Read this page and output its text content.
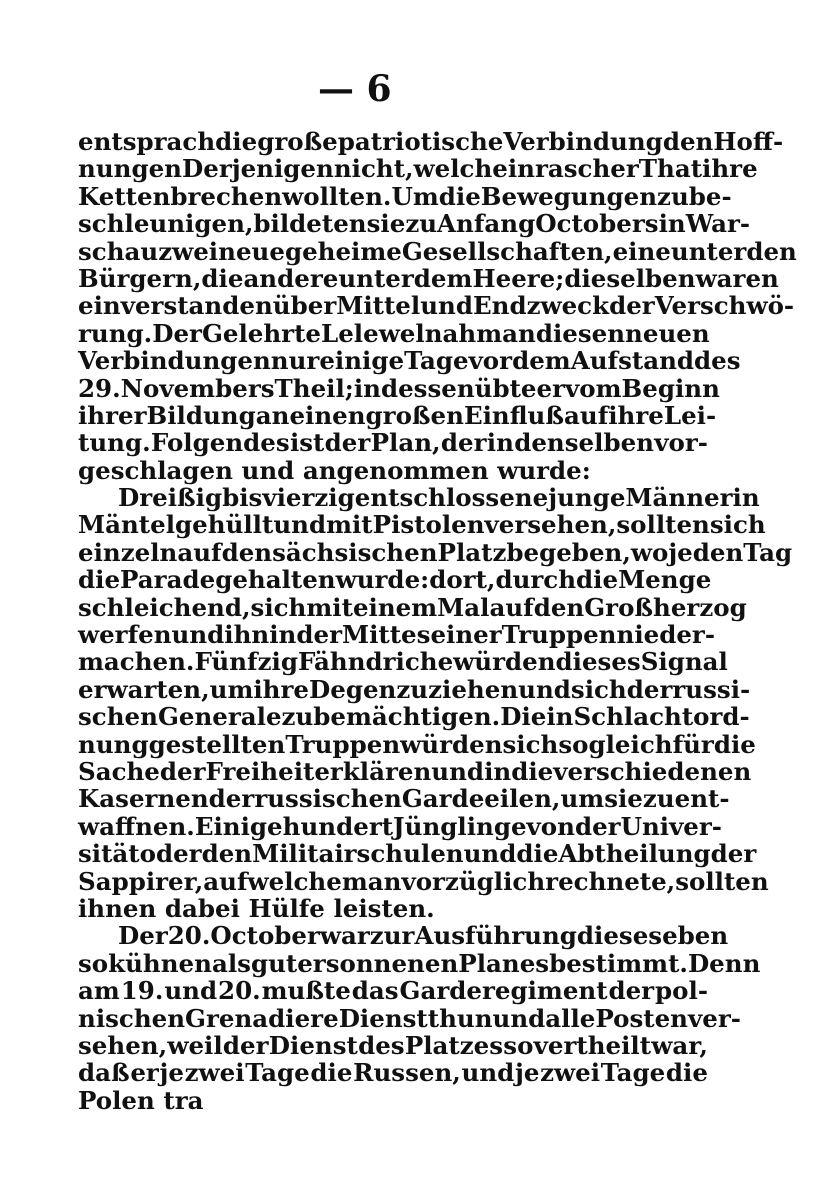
— 6
entsprach die große patriotische Verbindung den Hoff-
nungen Derjenigen nicht, welche in rascher That ihre
Ketten brechen wollten. Um die Bewegungen zu be-
schleunigen, bildeten sie zu Anfang Octobers in War-
schau zwei neue geheime Gesellschaften, eine unter den
Bürgern, die andere unter dem Heere; dieselben waren
einverstanden über Mittel und Endzweck der Verschwö-
rung. Der Gelehrte Lelewel nahm an diesen neuen
Verbindungen nur einige Tage vor dem Aufstand des
29. Novembers Theil; indessen übte er vom Beginn
ihrer Bildung an einen großen Einfluß auf ihre Lei-
tung. Folgendes ist der Plan, der in denselben vor-
geschlagen und angenommen wurde:
Dreißig bis vierzig entschlossene junge Männer in
Mäntel gehüllt und mit Pistolen versehen, sollten sich
einzeln auf den sächsischen Platz begeben, wo jeden Tag
die Parade gehalten wurde: dort, durch die Menge
schleichend, sich mit einem Mal auf den Großherzog
werfen und ihn in der Mitte seiner Truppen nieder-
machen. Fünfzig Fähndriche würden dieses Signal
erwarten, um ihre Degen zu ziehen und sich der russi-
schen Generale zu bemächtigen. Die in Schlachtord-
nung gestellten Truppen würden sich sogleich für die
Sache der Freiheit erklären und in die verschiedenen
Kasernen der russischen Garde eilen, um sie zu ent-
waffnen. Einige hundert Jünglinge von der Univer-
sität oder den Militairschulen und die Abtheilung der
Sappirer, auf welche man vorzüglich rechnete, sollten
ihnen dabei Hülfe leisten.
Der 20. October war zur Ausführung dieses eben
so kühnen als gut ersonnenen Planes bestimmt. Denn
am 19. und 20. mußte das Garderegiment der pol-
nischen Grenadiere Dienst thun und alle Posten ver-
sehen, weil der Dienst des Platzes so vertheilt war,
daß er je zwei Tage die Russen, und je zwei Tage die
Polen tra
